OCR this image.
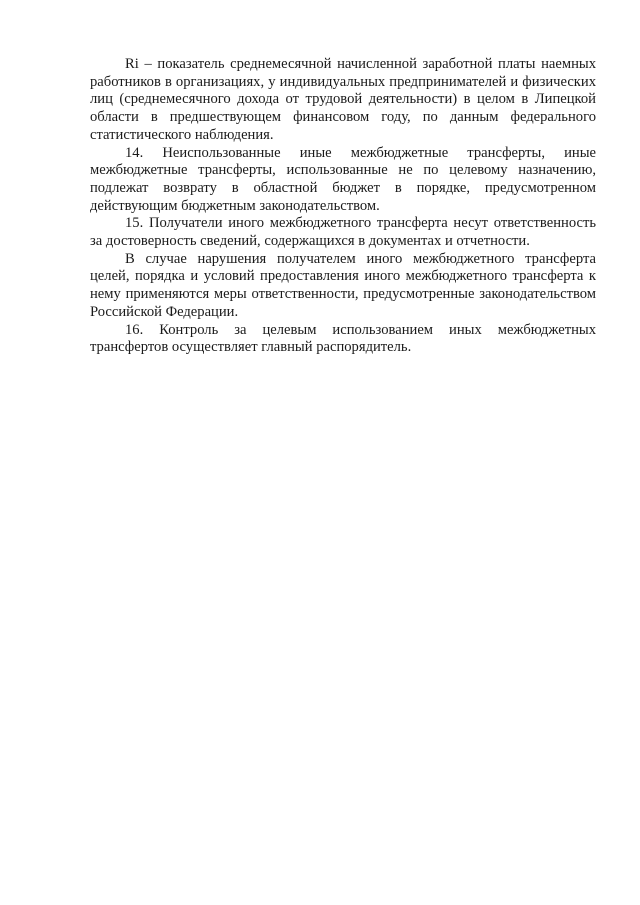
Ri – показатель среднемесячной начисленной заработной платы наемных работников в организациях, у индивидуальных предпринимателей и физических лиц (среднемесячного дохода от трудовой деятельности) в целом в Липецкой области в предшествующем финансовом году, по данным федерального статистического наблюдения.

14. Неиспользованные иные межбюджетные трансферты, иные межбюджетные трансферты, использованные не по целевому назначению, подлежат возврату в областной бюджет в порядке, предусмотренном действующим бюджетным законодательством.

15. Получатели иного межбюджетного трансферта несут ответственность за достоверность сведений, содержащихся в документах и отчетности.

В случае нарушения получателем иного межбюджетного трансферта целей, порядка и условий предоставления иного межбюджетного трансферта к нему применяются меры ответственности, предусмотренные законодательством Российской Федерации.

16. Контроль за целевым использованием иных межбюджетных трансфертов осуществляет главный распорядитель.
